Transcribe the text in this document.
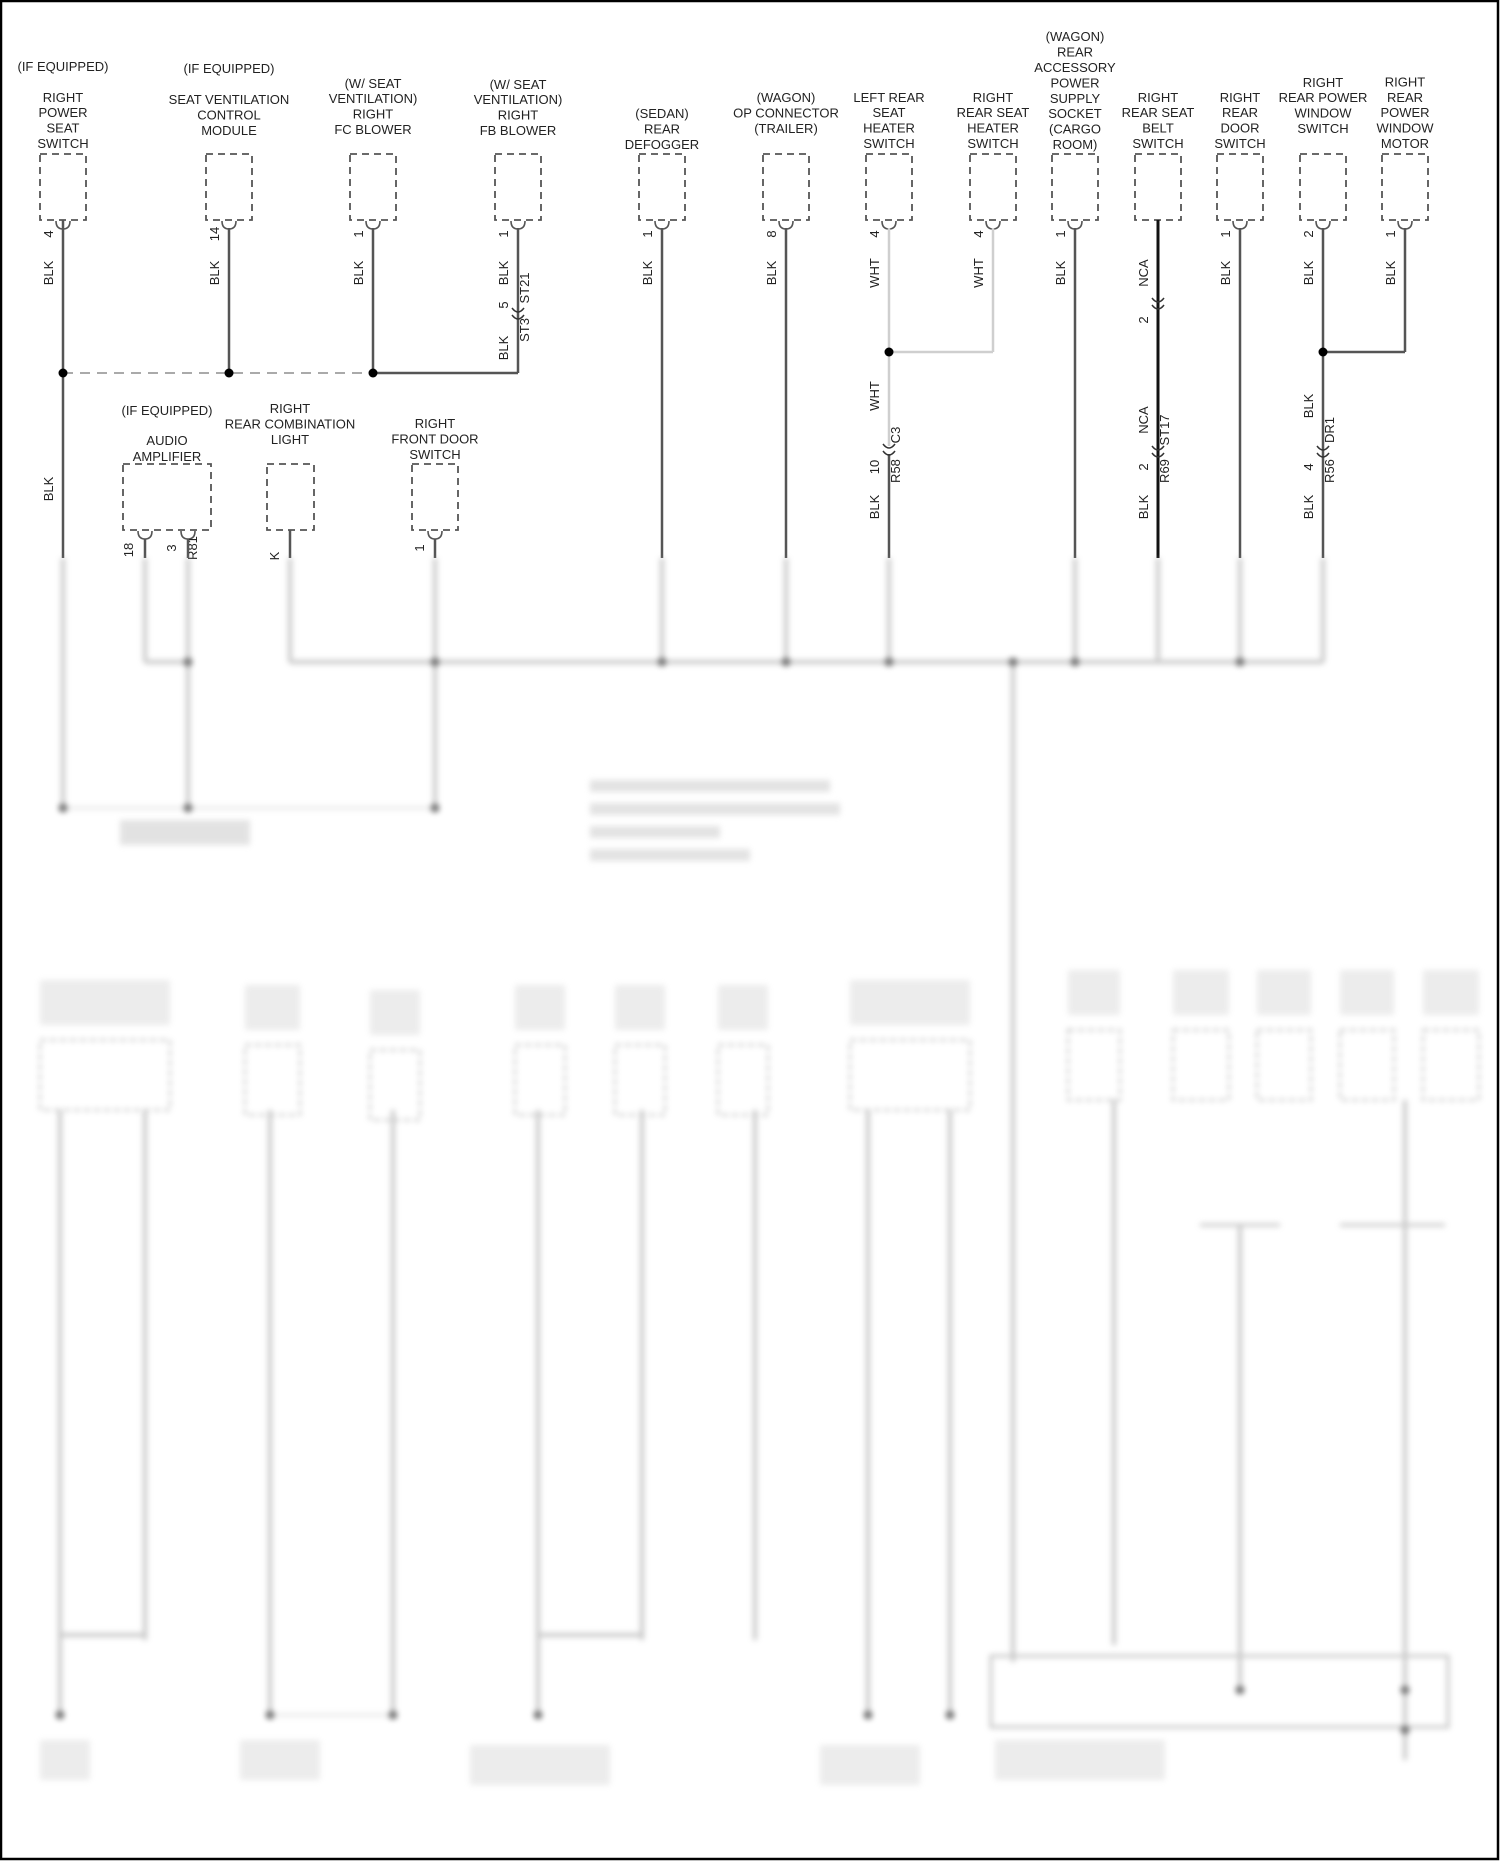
RIGHT
POWER
SEAT
SWITCH
(IF EQUIPPED)
4
BLK
SEAT VENTILATION
CONTROL
MODULE
(IF EQUIPPED)
14
BLK
(W/ SEAT
VENTILATION)
RIGHT
FC BLOWER
1
BLK
(W/ SEAT
VENTILATION)
RIGHT
FB BLOWER
1
BLK
(SEDAN)
REAR
DEFOGGER
1
BLK
(WAGON)
OP CONNECTOR
(TRAILER)
8
BLK
LEFT REAR
SEAT
HEATER
SWITCH
4
WHT
RIGHT
REAR SEAT
HEATER
SWITCH
4
WHT
(WAGON)
REAR
ACCESSORY
POWER
SUPPLY
SOCKET
(CARGO
ROOM)
1
BLK
RIGHT
REAR SEAT
BELT
SWITCH
NCA
RIGHT
REAR
DOOR
SWITCH
1
BLK
RIGHT
REAR POWER
WINDOW
SWITCH
2
BLK
RIGHT
REAR
POWER
WINDOW
MOTOR
1
BLK
5
ST21
ST3
BLK
BLK
WHT
C3
10 R58
BLK
2
NCA ST17
2 R69
BLK
BLK
DR1
4 R56
BLK
(IF EQUIPPED)
AUDIO
AMPLIFIER
18 3 R81
RIGHT
REAR COMBINATION
LIGHT
K
RIGHT
FRONT DOOR
SWITCH
1
